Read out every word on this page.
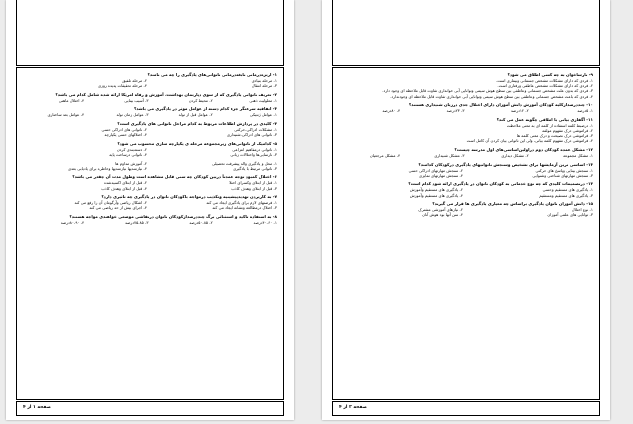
۱- ارتزه‌درمانی نابغه‌درمانی ناتوانی‌های یادگیری را چه می نامند؟
۱- مرحله بنیادی
۲- مرحله تلفیق
۳- مرحله انتقال
۴- مرحله تحقیقات پدیده روزی
۲- تعریف ناتوانی یادگیری که از سوی دپارتمان بهداشت، آموزش و رفاه امریکا ارائه شده شامل کدام می باشد؟
۱- معلولیت ذهنی
۲- محیط کردن
۳- آسیب بینایی
۴- اختلال ماهنی
۳- اتفاقیه سرعتگر جزء کدام دسته از عوامل موثر در یادگیری می باشد؟
۱- عوامل ژنتیکی
۲- عوامل قبل از تولد
۳- عوامل زمان تولد
۴- عوامل بعد ساختاری
۴- کلیدی در پردازش اطلاعات مربوط به کدام مراحل ناتوانی های یادگیری است؟
۱- مشکلات ادراکی-حرکتی
۲- ناتوانی های ادراکی حسی
۳- ناتوانی های ادراکی-شنیداری
۴- اختلالهای حسی یکپارچه
۵- کدامیک از ناتوانی‌های زیرمجموعه مرحله ی یکپارچه سازی محسوب می شود؟
۱- ناتوانی درمفاهیم انتزاعی
۲- دسته‌بندی کردن
۳- نارسایی‌ها واختلالات زبانی
۴- ناتوانی درساخت پایه
۱- محل و یادگیری والد پیشرفت تحصیلی
۲- آموزش مداوم ها
۳- ناتوانی مرتبط با یادگیری
۴- نیازمندیها نیازمندیها وخاطره برای یادیابی بعدی
۶- اختلال کمبود توجه عمدتاً دربین کودکان چه سنی قابل مشاهده است وطول مدت آن چقدر می باشد؟
۱- قبل از ابتلای وکسرای اختلا
۲- قبل از ابتلای اکسیدشده
۳- قبل از ابتلای وهدف کاذب
۴- قبل از ابتلای وهدف کاذب
۷- به کاربردن تهدیدپیشینیه وتکذیب درمواجه باکودکان ناتوان در یادگیری چه تاثیری دارد؟
۱- فرصتهای لازم برای یادگیری ایجاد می کند
۲- اشکال ریاضی وآرگومان آن را رفع می کند
۳- اختلال درمطالعه ونشانه ایجاد می کند
۴- اجرای بیش از حد ریاضی می کند
۸- به استفاده تاکید و استثنائی برگ چنددرصدازکودکان ناتوان درنقاشی موضعی خواهندی مواجه هستند؟
۱- ۴۰-۶۰درصد
۲- ۵۰-۸۵درصد
۳- ۷۵-۸۵درصد
۴- ۸۰-۹۰درصد
صفحه ۱ از ۴
۹- نارساخوان به چه کسی اطلاق می شود؟
۱- فردی که دارای مشکلات مشخص جسمانی وبیماری است.
۲- فردی که دارای مشکلات مشخص عاطفی ورفتاری است.
۳- فردی که بدون علت مشخص جسمانی وعاطفی بین سطح هوش سیمی وتوانایی آبی خوانداری تفاوت قابل ملاحظه ای وجود دارد.
۴- فردی که باعث مشخص جسمانی وعاطفی بین سطح هوش سیمی وتوانایی آبی خوانداری تفاوت قابل ملاحظه ای وجودندارد.
۱۰- چنددرصدازکلیه کودکان آموزش دانش آموزان دارای اختلال جدی درزبان شنیداری هستند؟
۱- ۵درصد
۲- ۱۲درصد
۳- ۲۳درصد
۴- ۸۰درصد
۱۱- آگفازی بیانی با املاقی چگونه عمل می کند؟
۱- درضبط کلمه استفاده از کلمه ای به معنی ملاحظت
۲- فراموشی درک مفهوم مولفه
۳- فراموشی درک نصیحت و درک معنی کلمه ها
۴- فراموشی درک مفهوم کلمه بیانی، ولی این ناتوانی بیان کردن آن کامل است
۱۲- مشکل عمده کودکان دوم دراولین‌اساسی‌های اول مدرسه چیست؟
۱- مشکل مجموعه
۲- مشکل دیداری
۳- مشکل شنیداری
۴- مشکل مرجعیان
۱۳- اساسی ترین آزمایشها برای تشخیص وسنجش ناتوانیهای یادگیری درکودکان کدامند؟
۱- سنجش بینایی وپاسخ های حرکتی
۲- سنجش مهارتهای ادراکی حسی
۳- سنجش مهارتهای شناختی وشنوایی
۴- سنجش مهارتهای تمایزی
۱۴- درتصمیمات کلیدی که چه نوع خدماتی به کودکان ناتوان در یادگیری ارائه شود کدام است؟
۱- یادگیری های مستقیم وحسی
۲- یادگیری های مستقیم وآموزش
۳- یادگیری های مستقیم ومستقیم
۴- یادگیری های مستقیم وآموزش
۱۵- دانش آموزان ناتوان یادگیری براساس چه معیاری یادگیری ها قرار می گیرند؟
۱- نوع اختلال
۲- نیازهای آموزشی مشترک
۳- توانایی های علمی آموزان
۴- سن آنها بود هوش آنان
صفحه ۲ از ۴
